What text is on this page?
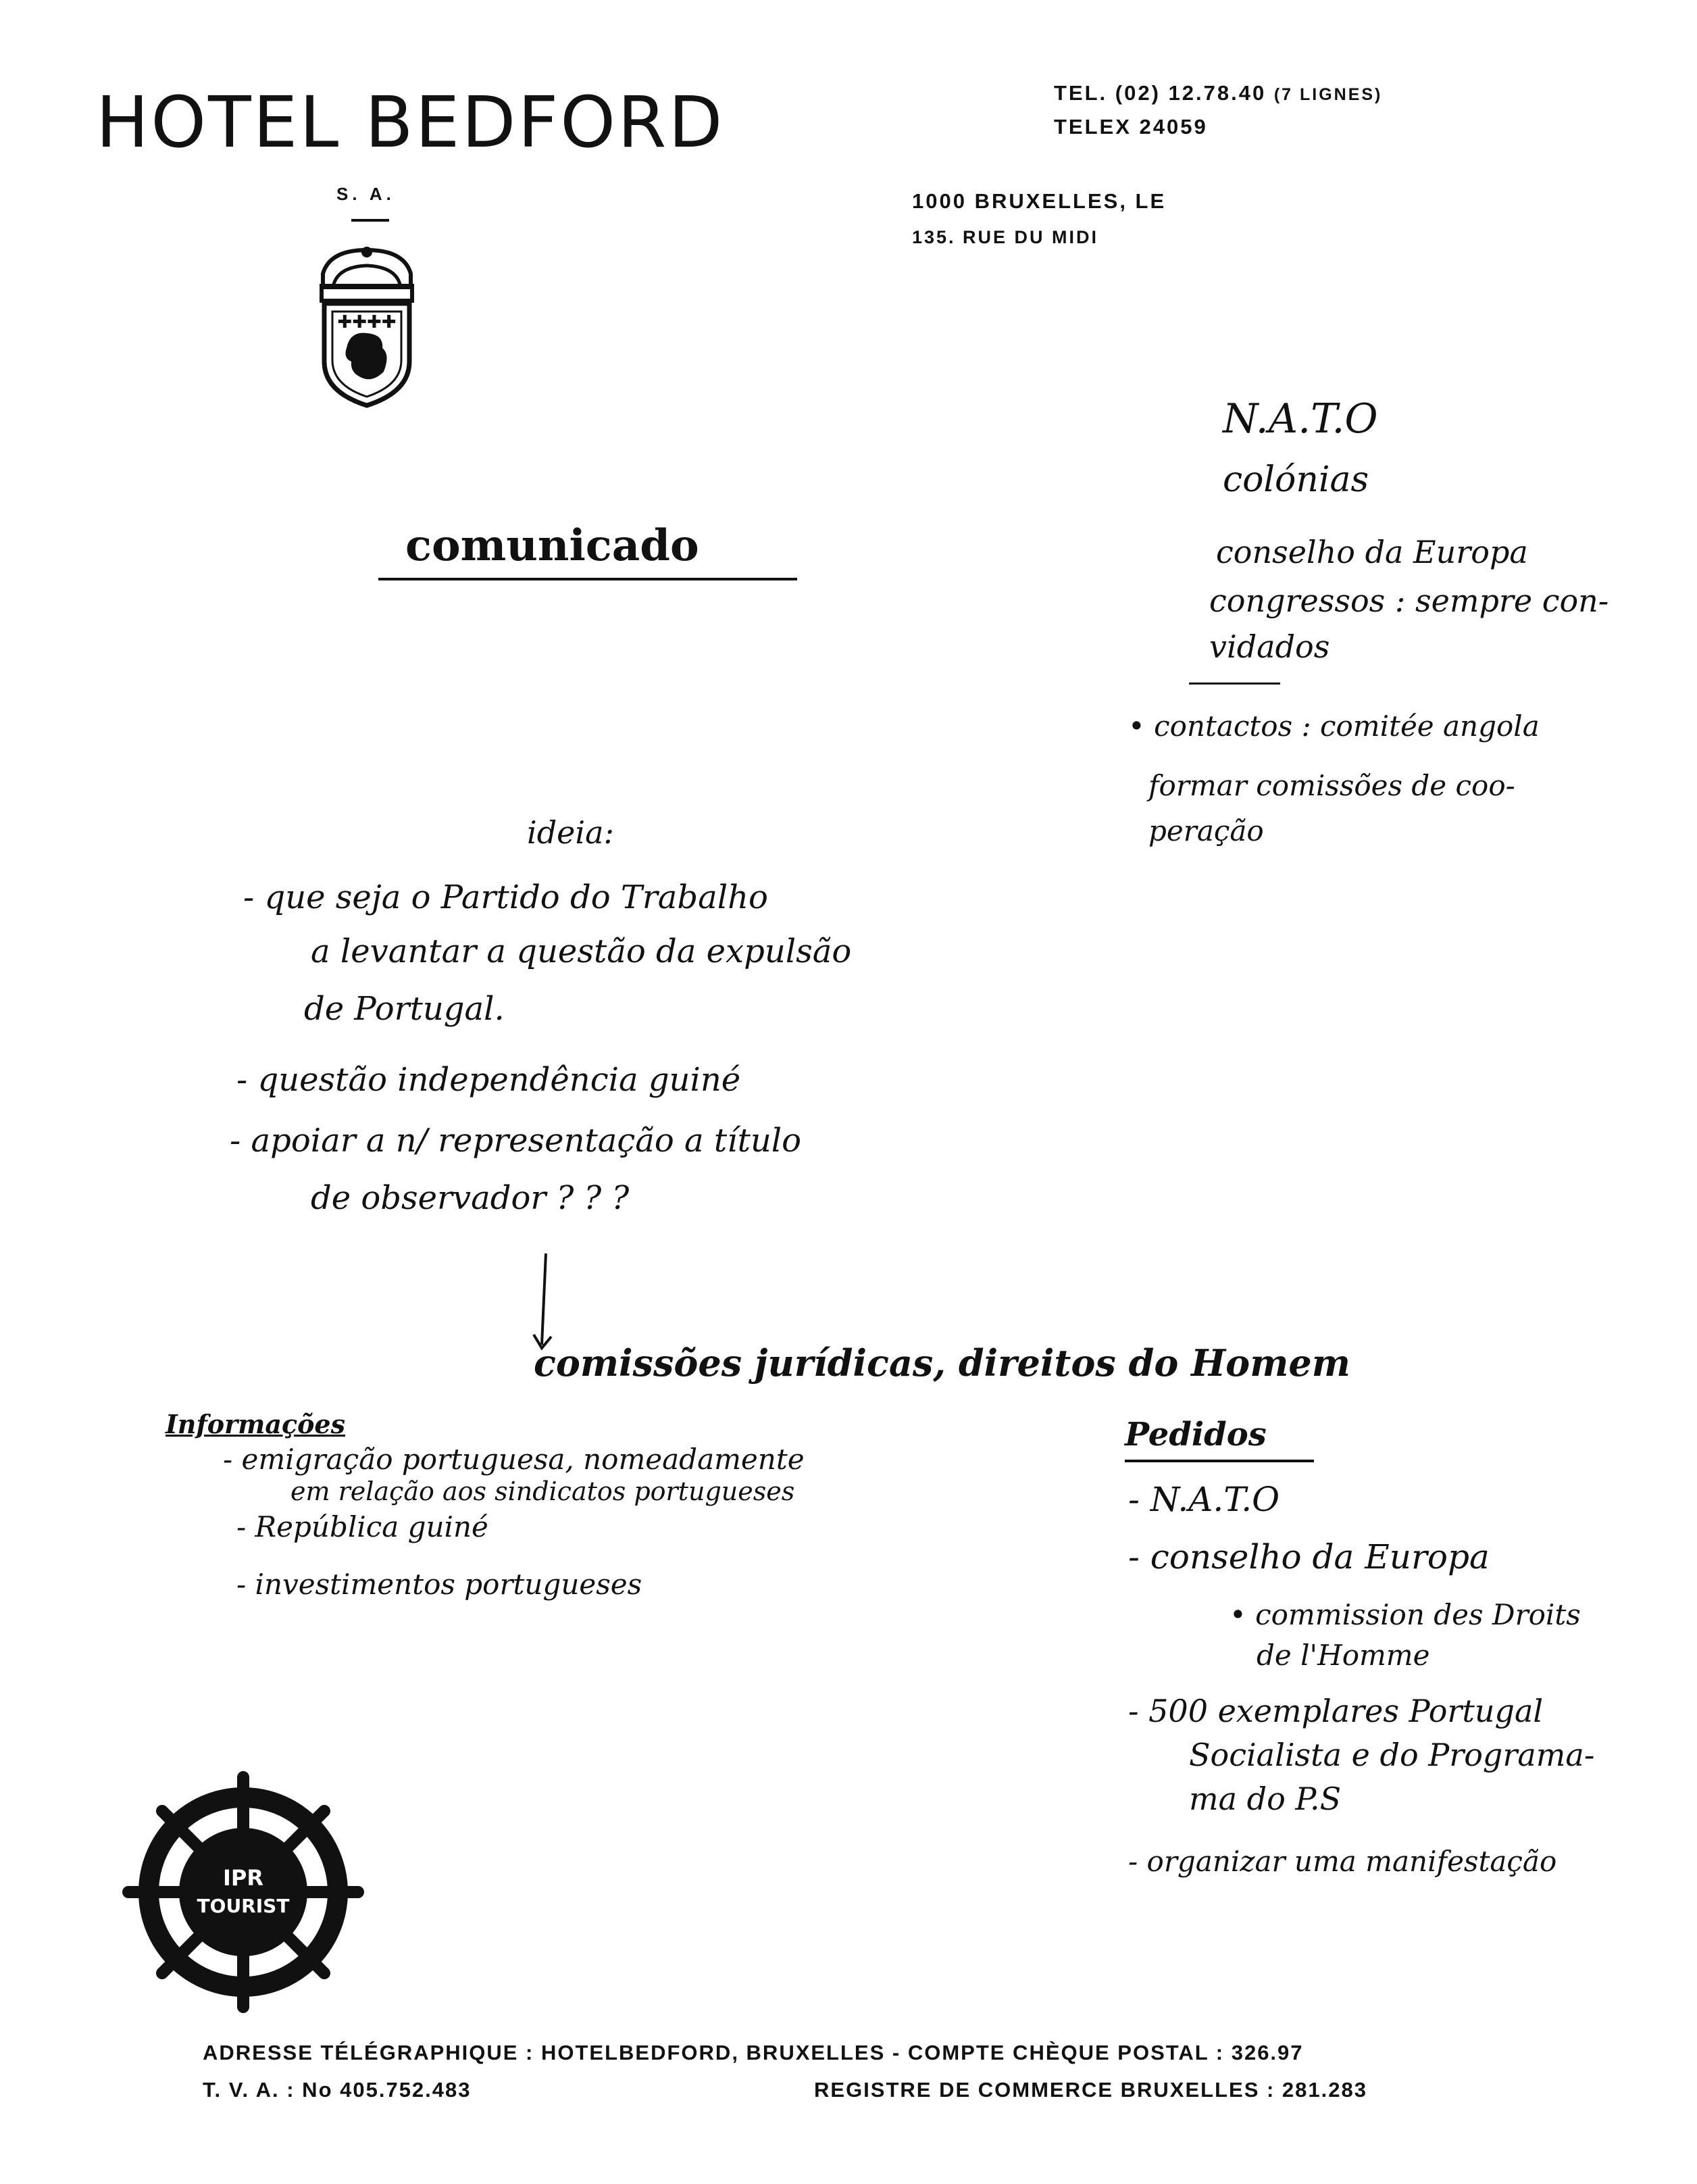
HOTEL BEDFORD
S. A.
✚✚✚✚
TEL. (02) 12.78.40 (7 LIGNES)
TELEX 24059
1000 BRUXELLES, LE
135. RUE DU MIDI
N.A.T.O
colónias
conselho da Europa
congressos : sempre con-
vidados
• contactos : comitée angola
formar comissões de coo-
peração
comunicado
ideia:
- que seja o Partido do Trabalho
a levantar a questão da expulsão
de Portugal.
- questão independência guiné
- apoiar a n/ representação a título
de observador ? ? ?
comissões jurídicas, direitos do Homem
Informações
- emigração portuguesa, nomeadamente
em relação aos sindicatos portugueses
- República guiné
- investimentos portugueses
Pedidos
- N.A.T.O
- conselho da Europa
• commission des Droits
de l'Homme
- 500 exemplares Portugal
Socialista e do Programa-
ma do P.S
- organizar uma manifestação
IPR
TOURIST
ADRESSE TÉLÉGRAPHIQUE : HOTELBEDFORD, BRUXELLES - COMPTE CHÈQUE POSTAL : 326.97
T. V. A. : No 405.752.483	REGISTRE DE COMMERCE BRUXELLES : 281.283
